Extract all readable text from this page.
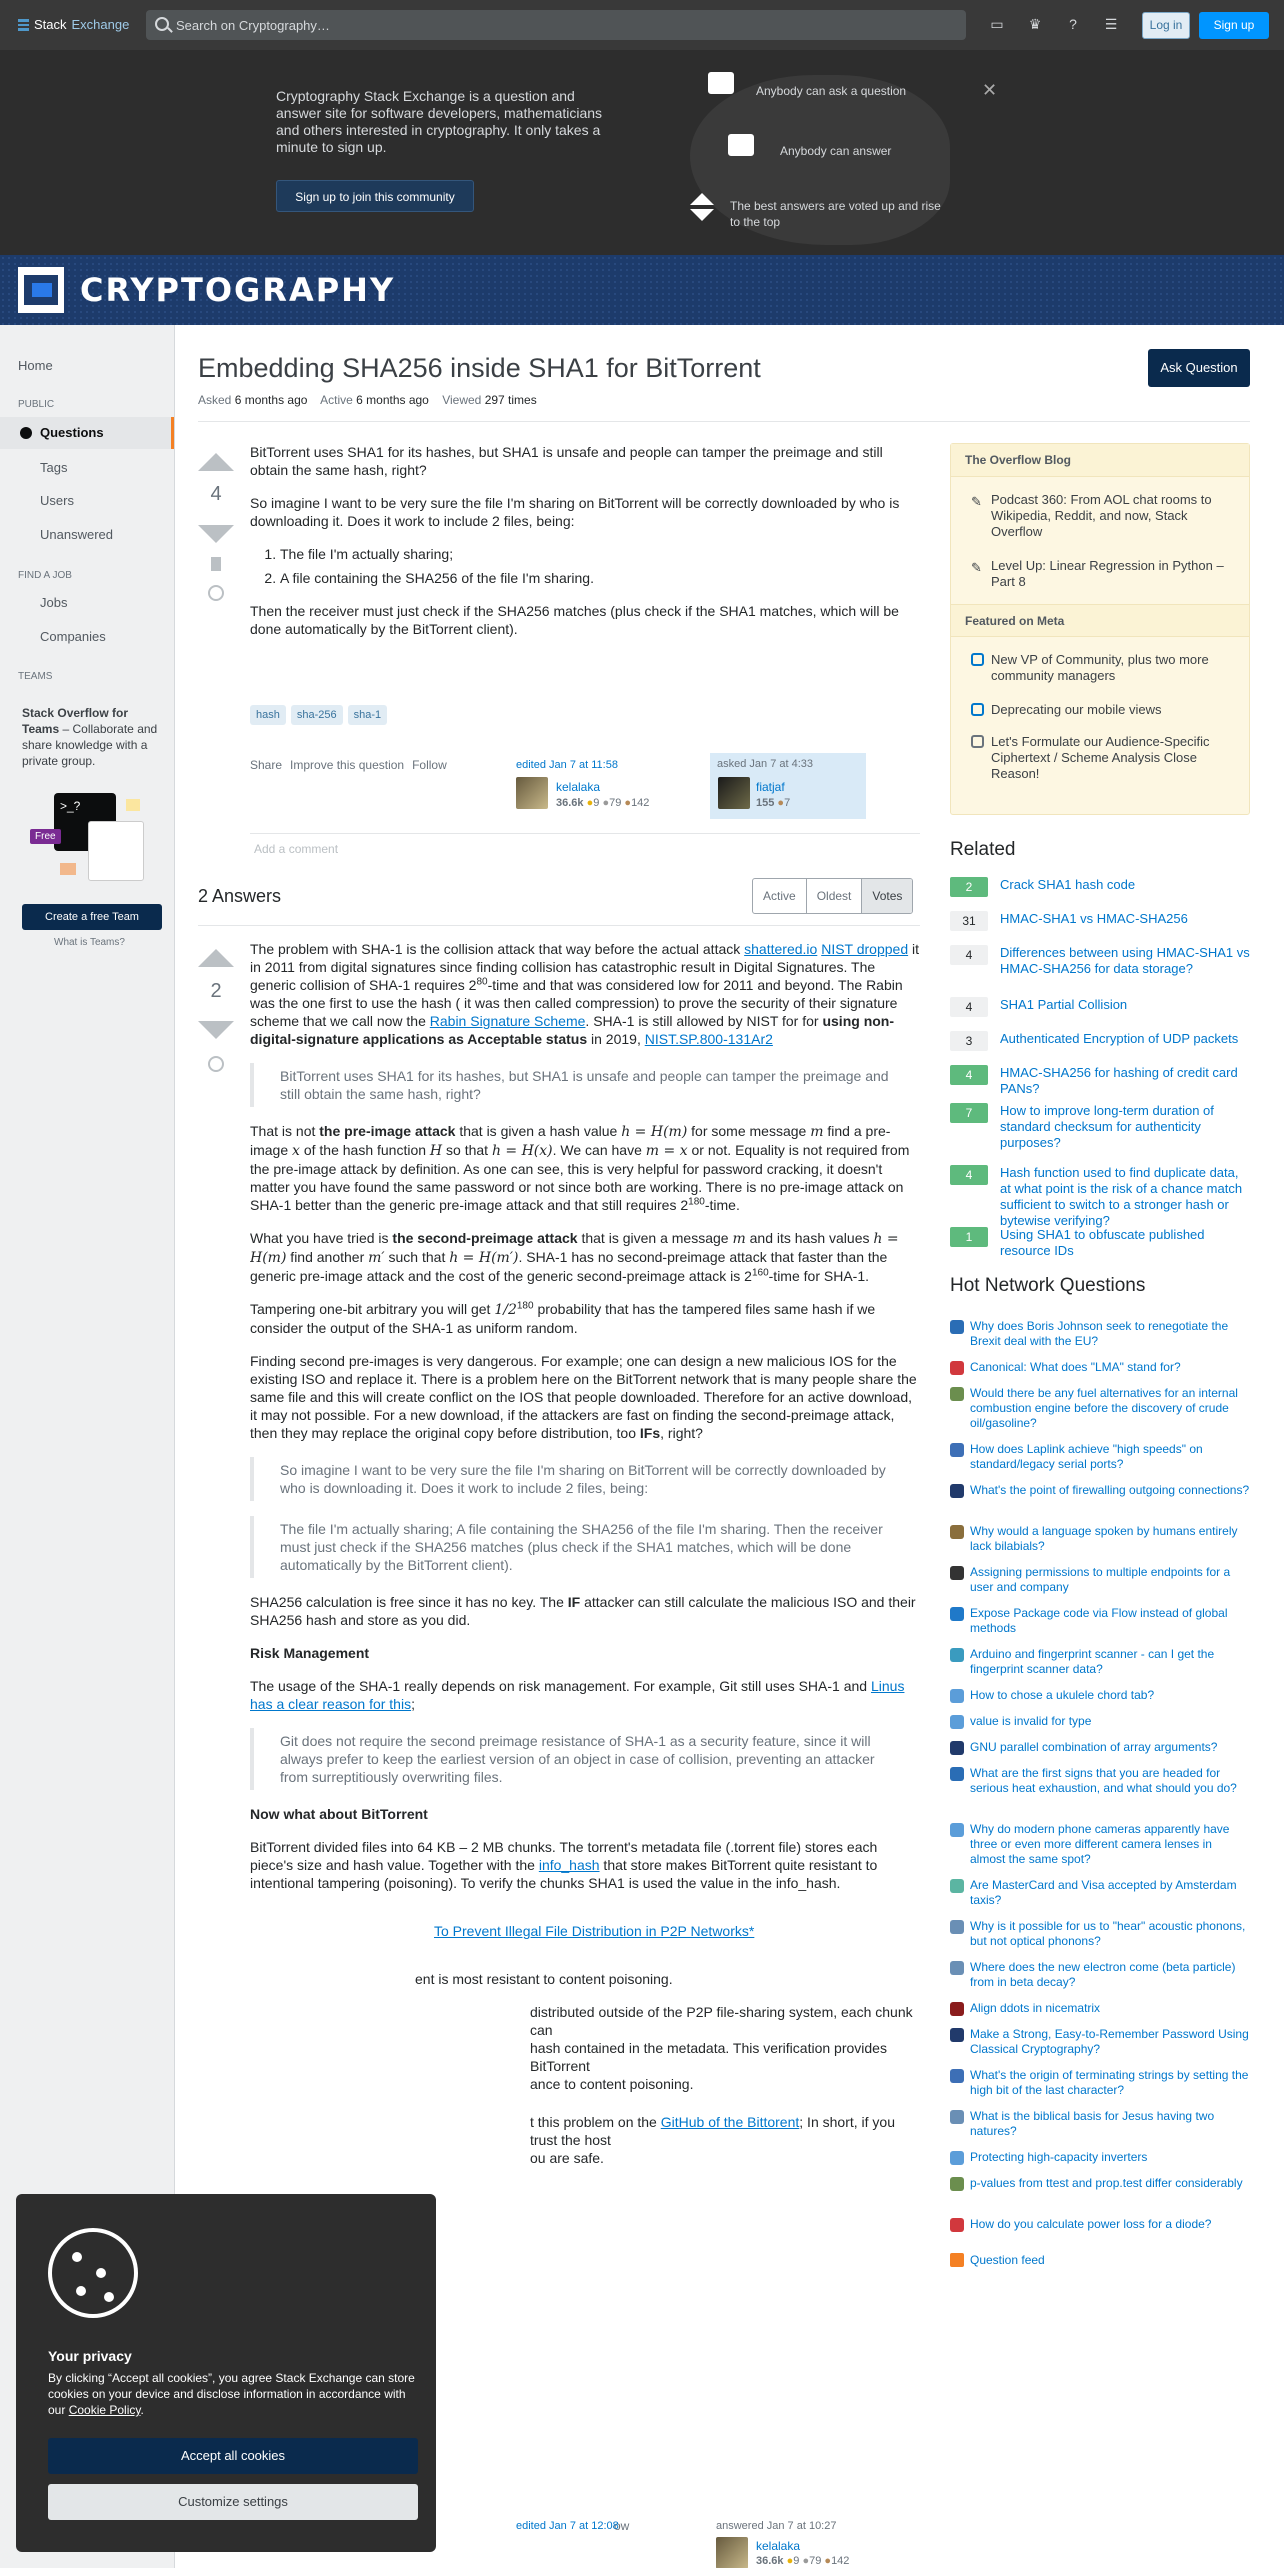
Stack Exchange	Search on Cryptography…	▭ ♛	?	☰	Log in	Sign up

Cryptography Stack Exchange is a question and answer site for software developers, mathematicians and others interested in cryptography. It only takes a minute to sign up.

Sign up to join this community
Anybody can ask a question
Anybody can answer
The best answers are voted up and rise to the top
✕
CRYPTOGRAPHY
Home
PUBLIC
Questions
Tags
Users
Unanswered
FIND A JOB
Jobs
Companies
TEAMS
Stack Overflow for Teams – Collaborate and share knowledge with a private group.
>_?
Free
Create a free Team
What is Teams?
Embedding SHA256 inside SHA1 for BitTorrent	Ask Question
Asked 6 months ago Active 6 months ago Viewed 297 times
4

BitTorrent uses SHA1 for its hashes, but SHA1 is unsafe and people can tamper the preimage and still obtain the same hash, right?

So imagine I want to be very sure the file I'm sharing on BitTorrent will be correctly downloaded by who is downloading it. Does it work to include 2 files, being:

1. The file I'm actually sharing;
2. A file containing the SHA256 of the file I'm sharing.

Then the receiver must just check if the SHA256 matches (plus check if the SHA1 matches, which will be done automatically by the BitTorrent client).

hash	sha-256	sha-1
Share Improve this question Follow	edited Jan 7 at 11:58
kelalaka
36.6k ●9 ●79 ●142
asked Jan 7 at 4:33
fiatjaf
155 ●7
Add a comment
2 Answers	Active	Oldest	Votes
2

The problem with SHA-1 is the collision attack that way before the actual attack shattered.io NIST dropped it in 2011 from digital signatures since finding collision has catastrophic result in Digital Signatures. The generic collision of SHA-1 requires $2^{80}$-time and that was considered low for 2011 and beyond. The Rabin was the one first to use the hash ( it was then called compression) to prove the security of their signature scheme that we call now the Rabin Signature Scheme. SHA-1 is still allowed by NIST for for using non-digital-signature applications as Acceptable status in 2019, NIST.SP.800-131Ar2

BitTorrent uses SHA1 for its hashes, but SHA1 is unsafe and people can tamper the preimage and still obtain the same hash, right?

That is not the pre-image attack that is given a hash value h = H(m) for some message m find a pre-image x of the hash function H so that h = H(x). We can have m = x or not. Equality is not required from the pre-image attack by definition. As one can see, this is very helpful for password cracking, it doesn't matter you have found the same password or not since both are working. There is no pre-image attack on SHA-1 better than the generic pre-image attack and that still requires $2^{180}$-time.

What you have tried is the second-preimage attack that is given a message m and its hash values h = H(m) find another m′ such that h = H(m′). SHA-1 has no second-preimage attack that faster than the generic pre-image attack and the cost of the generic second-preimage attack is $2^{160}$-time for SHA-1.

Tampering one-bit arbitrary you will get $1/2^{180}$ probability that has the tampered files same hash if we consider the output of the SHA-1 as uniform random.

Finding second pre-images is very dangerous. For example; one can design a new malicious IOS for the existing ISO and replace it. There is a problem here on the BitTorrent network that is many people share the same file and this will create conflict on the IOS that people downloaded. Therefore for an active download, it may not possible. For a new download, if the attackers are fast on finding the second-preimage attack, then they may replace the original copy before distribution, too IFs, right?

So imagine I want to be very sure the file I'm sharing on BitTorrent will be correctly downloaded by who is downloading it. Does it work to include 2 files, being:
The file I'm actually sharing; A file containing the SHA256 of the file I'm sharing. Then the receiver must just check if the SHA256 matches (plus check if the SHA1 matches, which will be done automatically by the BitTorrent client).

SHA256 calculation is free since it has no key. The IF attacker can still calculate the malicious ISO and their SHA256 hash and store as you did.

Risk Management

The usage of the SHA-1 really depends on risk management. For example, Git still uses SHA-1 and Linus has a clear reason for this;

Git does not require the second preimage resistance of SHA-1 as a security feature, since it will always prefer to keep the earliest version of an object in case of collision, preventing an attacker from surreptitiously overwriting files.

Now what about BitTorrent

BitTorrent divided files into 64 KB – 2 MB chunks. The torrent's metadata file (.torrent file) stores each piece's size and hash value. Together with the info_hash that store makes BitTorrent quite resistant to intentional tampering (poisoning). To verify the chunks SHA1 is used the value in the info_hash.

To Prevent Illegal File Distribution in P2P Networks*

ent is most resistant to content poisoning.

distributed outside of the P2P file-sharing system, each chunk can

hash contained in the metadata. This verification provides BitTorrent

ance to content poisoning.

t this problem on the GitHub of the Bittorent; In short, if you trust the host

ou are safe.

ow
edited Jan 7 at 12:08	answered Jan 7 at 10:27
kelalaka
36.6k ●9 ●79 ●142
The Overflow Blog
✎ Podcast 360: From AOL chat rooms to Wikipedia, Reddit, and now, Stack Overflow
✎ Level Up: Linear Regression in Python – Part 8
Featured on Meta
New VP of Community, plus two more community managers
Deprecating our mobile views
Let's Formulate our Audience-Specific Ciphertext / Scheme Analysis Close Reason!
Related
2	Crack SHA1 hash code
31	HMAC-SHA1 vs HMAC-SHA256
4	Differences between using HMAC-SHA1 vs HMAC-SHA256 for data storage?
4	SHA1 Partial Collision
3	Authenticated Encryption of UDP packets
4	HMAC-SHA256 for hashing of credit card PANs?
7	How to improve long-term duration of standard checksum for authenticity purposes?
4	Hash function used to find duplicate data, at what point is the risk of a chance match sufficient to switch to a stronger hash or bytewise verifying?
1	Using SHA1 to obfuscate published resource IDs
Hot Network Questions
Why does Boris Johnson seek to renegotiate the Brexit deal with the EU?
Canonical: What does "LMA" stand for?
Would there be any fuel alternatives for an internal combustion engine before the discovery of crude oil/gasoline?
How does Laplink achieve "high speeds" on standard/legacy serial ports?
What's the point of firewalling outgoing connections?
Why would a language spoken by humans entirely lack bilabials?
Assigning permissions to multiple endpoints for a user and company
Expose Package code via Flow instead of global methods
Arduino and fingerprint scanner - can I get the fingerprint scanner data?
How to chose a ukulele chord tab?
value is invalid for type
GNU parallel combination of array arguments?
What are the first signs that you are headed for serious heat exhaustion, and what should you do?
Why do modern phone cameras apparently have three or even more different camera lenses in almost the same spot?
Are MasterCard and Visa accepted by Amsterdam taxis?
Why is it possible for us to "hear" acoustic phonons, but not optical phonons?
Where does the new electron come (beta particle) from in beta decay?
Align ddots in nicematrix
Make a Strong, Easy-to-Remember Password Using Classical Cryptography?
What's the origin of terminating strings by setting the high bit of the last character?
What is the biblical basis for Jesus having two natures?
Protecting high-capacity inverters
p-values from ttest and prop.test differ considerably
How do you calculate power loss for a diode?
Question feed
Your privacy
By clicking “Accept all cookies”, you agree Stack Exchange can store cookies on your device and disclose information in accordance with our Cookie Policy.
Accept all cookies
Customize settings
